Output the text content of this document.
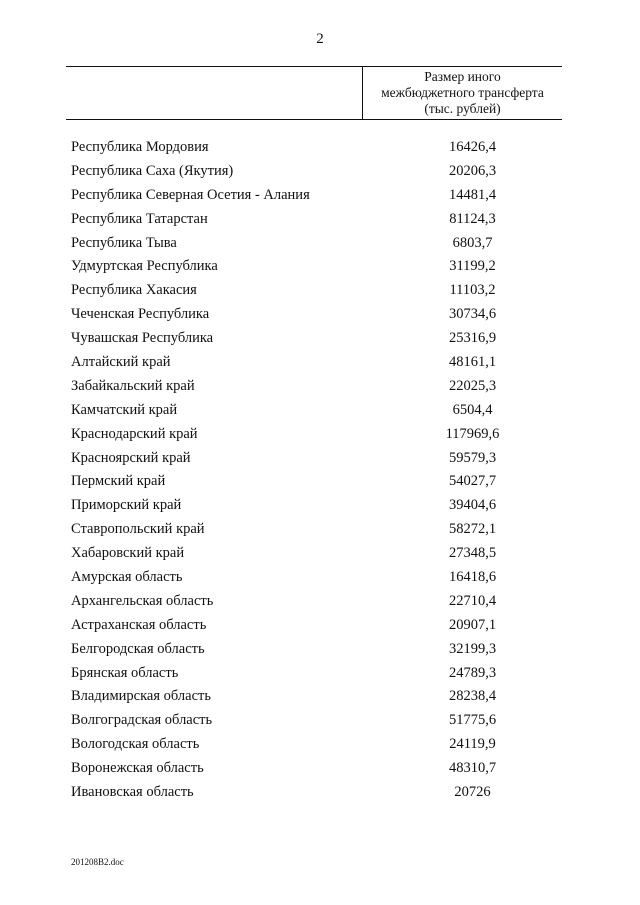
2
Размер иного
межбюджетного трансферта
(тыс. рублей)
Республика Мордовия	16426,4
Республика Саха (Якутия)	20206,3
Республика Северная Осетия - Алания	14481,4
Республика Татарстан	81124,3
Республика Тыва	6803,7
Удмуртская Республика	31199,2
Республика Хакасия	11103,2
Чеченская Республика	30734,6
Чувашская Республика	25316,9
Алтайский край	48161,1
Забайкальский край	22025,3
Камчатский край	6504,4
Краснодарский край	117969,6
Красноярский край	59579,3
Пермский край	54027,7
Приморский край	39404,6
Ставропольский край	58272,1
Хабаровский край	27348,5
Амурская область	16418,6
Архангельская область	22710,4
Астраханская область	20907,1
Белгородская область	32199,3
Брянская область	24789,3
Владимирская область	28238,4
Волгоградская область	51775,6
Вологодская область	24119,9
Воронежская область	48310,7
Ивановская область	20726
201208B2.doc
